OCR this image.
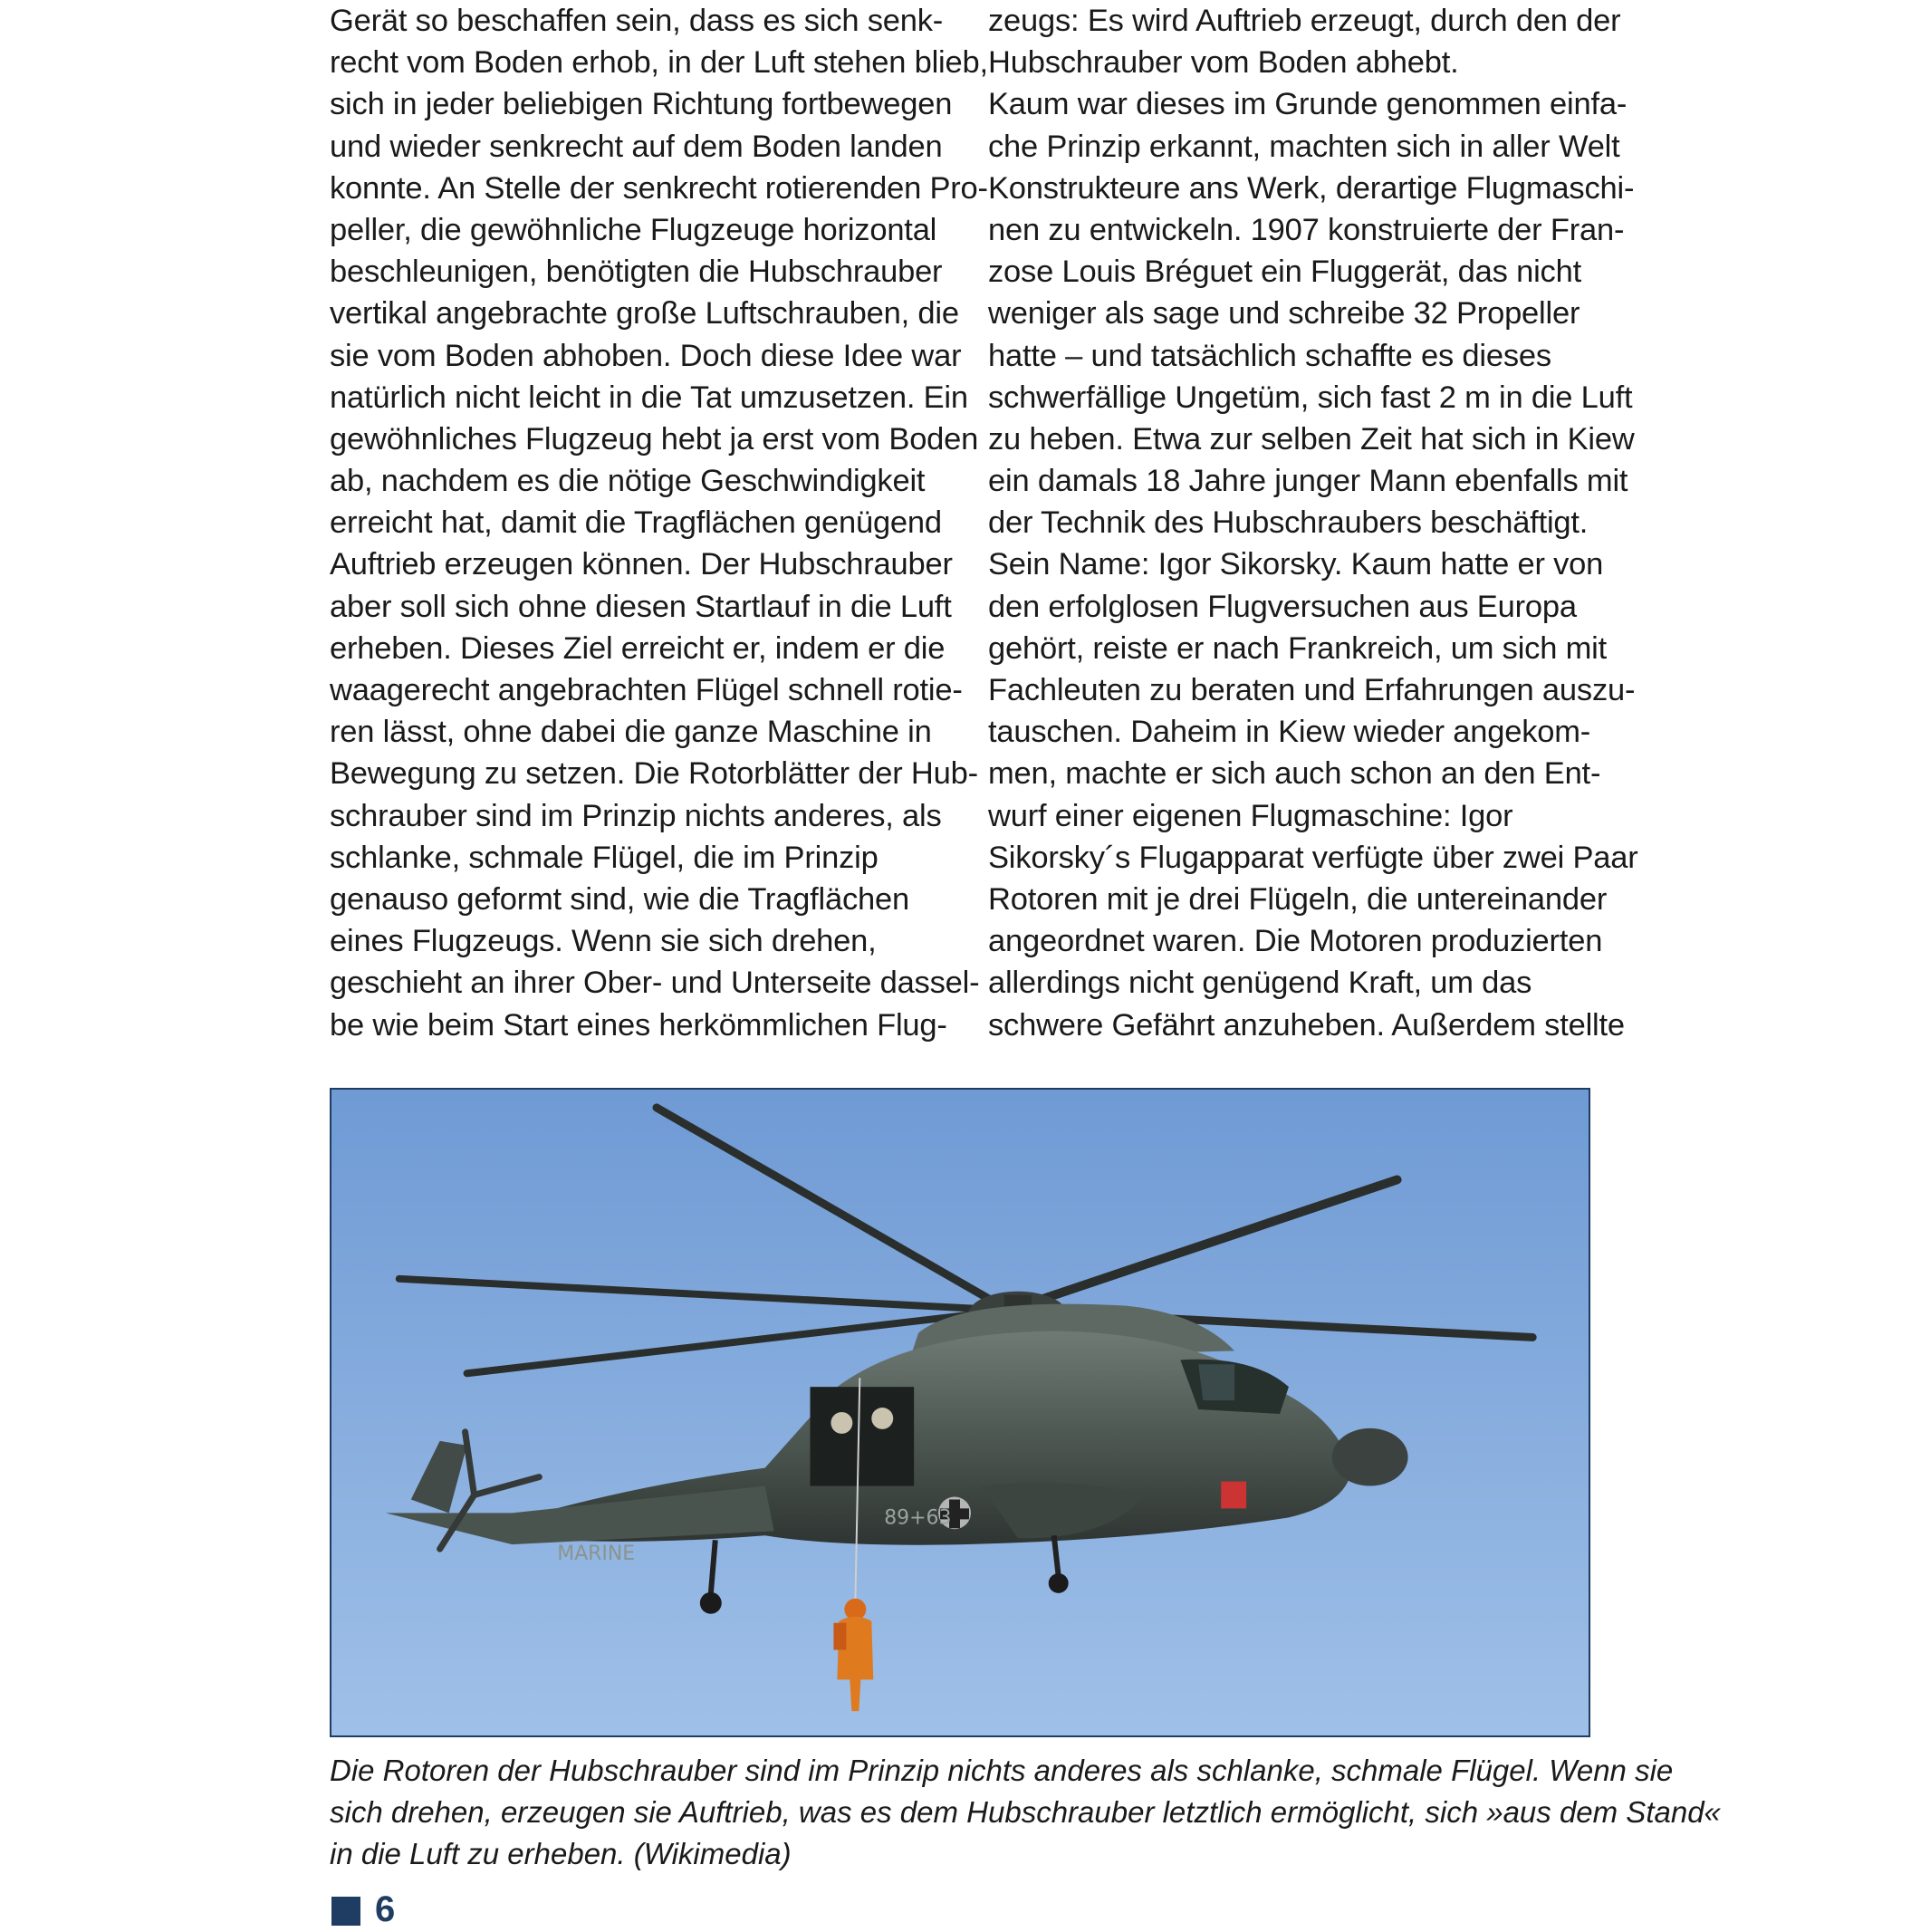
Gerät so beschaffen sein, dass es sich senk-
recht vom Boden erhob, in der Luft stehen blieb,
sich in jeder beliebigen Richtung fortbewegen
und wieder senkrecht auf dem Boden landen
konnte. An Stelle der senkrecht rotierenden Pro-
peller, die gewöhnliche Flugzeuge horizontal
beschleunigen, benötigten die Hubschrauber
vertikal angebrachte große Luftschrauben, die
sie vom Boden abhoben. Doch diese Idee war
natürlich nicht leicht in die Tat umzusetzen. Ein
gewöhnliches Flugzeug hebt ja erst vom Boden
ab, nachdem es die nötige Geschwindigkeit
erreicht hat, damit die Tragflächen genügend
Auftrieb erzeugen können. Der Hubschrauber
aber soll sich ohne diesen Startlauf in die Luft
erheben. Dieses Ziel erreicht er, indem er die
waagerecht angebrachten Flügel schnell rotie-
ren lässt, ohne dabei die ganze Maschine in
Bewegung zu setzen. Die Rotorblätter der Hub-
schrauber sind im Prinzip nichts anderes, als
schlanke, schmale Flügel, die im Prinzip
genauso geformt sind, wie die Tragflächen
eines Flugzeugs. Wenn sie sich drehen,
geschieht an ihrer Ober- und Unterseite dassel-
be wie beim Start eines herkömmlichen Flug-
zeugs: Es wird Auftrieb erzeugt, durch den der
Hubschrauber vom Boden abhebt.
Kaum war dieses im Grunde genommen einfa-
che Prinzip erkannt, machten sich in aller Welt
Konstrukteure ans Werk, derartige Flugmaschi-
nen zu entwickeln. 1907 konstruierte der Fran-
zose Louis Bréguet ein Fluggerät, das nicht
weniger als sage und schreibe 32 Propeller
hatte – und tatsächlich schaffte es dieses
schwerfällige Ungetüm, sich fast 2 m in die Luft
zu heben. Etwa zur selben Zeit hat sich in Kiew
ein damals 18 Jahre junger Mann ebenfalls mit
der Technik des Hubschraubers beschäftigt.
Sein Name: Igor Sikorsky. Kaum hatte er von
den erfolglosen Flugversuchen aus Europa
gehört, reiste er nach Frankreich, um sich mit
Fachleuten zu beraten und Erfahrungen auszu-
tauschen. Daheim in Kiew wieder angekom-
men, machte er sich auch schon an den Ent-
wurf einer eigenen Flugmaschine: Igor
Sikorsky´s Flugapparat verfügte über zwei Paar
Rotoren mit je drei Flügeln, die untereinander
angeordnet waren. Die Motoren produzierten
allerdings nicht genügend Kraft, um das
schwere Gefährt anzuheben. Außerdem stellte
MARINE
89+63
Die Rotoren der Hubschrauber sind im Prinzip nichts anderes als schlanke, schmale Flügel. Wenn sie
sich drehen, erzeugen sie Auftrieb, was es dem Hubschrauber letztlich ermöglicht, sich »aus dem Stand«
in die Luft zu erheben. (Wikimedia)
6
